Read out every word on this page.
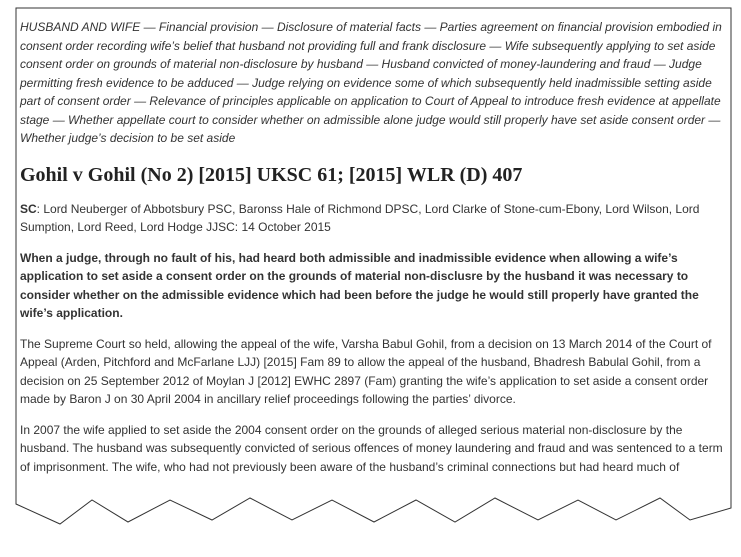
HUSBAND AND WIFE — Financial provision — Disclosure of material facts — Parties agreement on financial provision embodied in consent order recording wife’s belief that husband not providing full and frank disclosure — Wife subsequently applying to set aside consent order on grounds of material non-disclosure by husband — Husband convicted of money-laundering and fraud — Judge permitting fresh evidence to be adduced — Judge relying on evidence some of which subsequently held inadmissible setting aside part of consent order — Relevance of principles applicable on application to Court of Appeal to introduce fresh evidence at appellate stage — Whether appellate court to consider whether on admissible alone judge would still properly have set aside consent order — Whether judge’s decision to be set aside

Gohil v Gohil (No 2) [2015] UKSC 61; [2015] WLR (D) 407

SC: Lord Neuberger of Abbotsbury PSC, Baronss Hale of Richmond DPSC, Lord Clarke of Stone-cum-Ebony, Lord Wilson, Lord Sumption, Lord Reed, Lord Hodge JJSC: 14 October 2015

When a judge, through no fault of his, had heard both admissible and inadmissible evidence when allowing a wife’s application to set aside a consent order on the grounds of material non-disclusre by the husband it was necessary to consider whether on the admissible evidence which had been before the judge he would still properly have granted the wife’s application.

The Supreme Court so held, allowing the appeal of the wife, Varsha Babul Gohil, from a decision on 13 March 2014 of the Court of Appeal (Arden, Pitchford and McFarlane LJJ) [2015] Fam 89 to allow the appeal of the husband, Bhadresh Babulal Gohil, from a decision on 25 September 2012 of Moylan J [2012] EWHC 2897 (Fam) granting the wife’s application to set aside a consent order made by Baron J on 30 April 2004 in ancillary relief proceedings following the parties’ divorce.

In 2007 the wife applied to set aside the 2004 consent order on the grounds of alleged serious material non-disclosure by the husband. The husband was subsequently convicted of serious offences of money laundering and fraud and was sentenced to a term of imprisonment. The wife, who had not previously been aware of the husband’s criminal connections but had heard much of
